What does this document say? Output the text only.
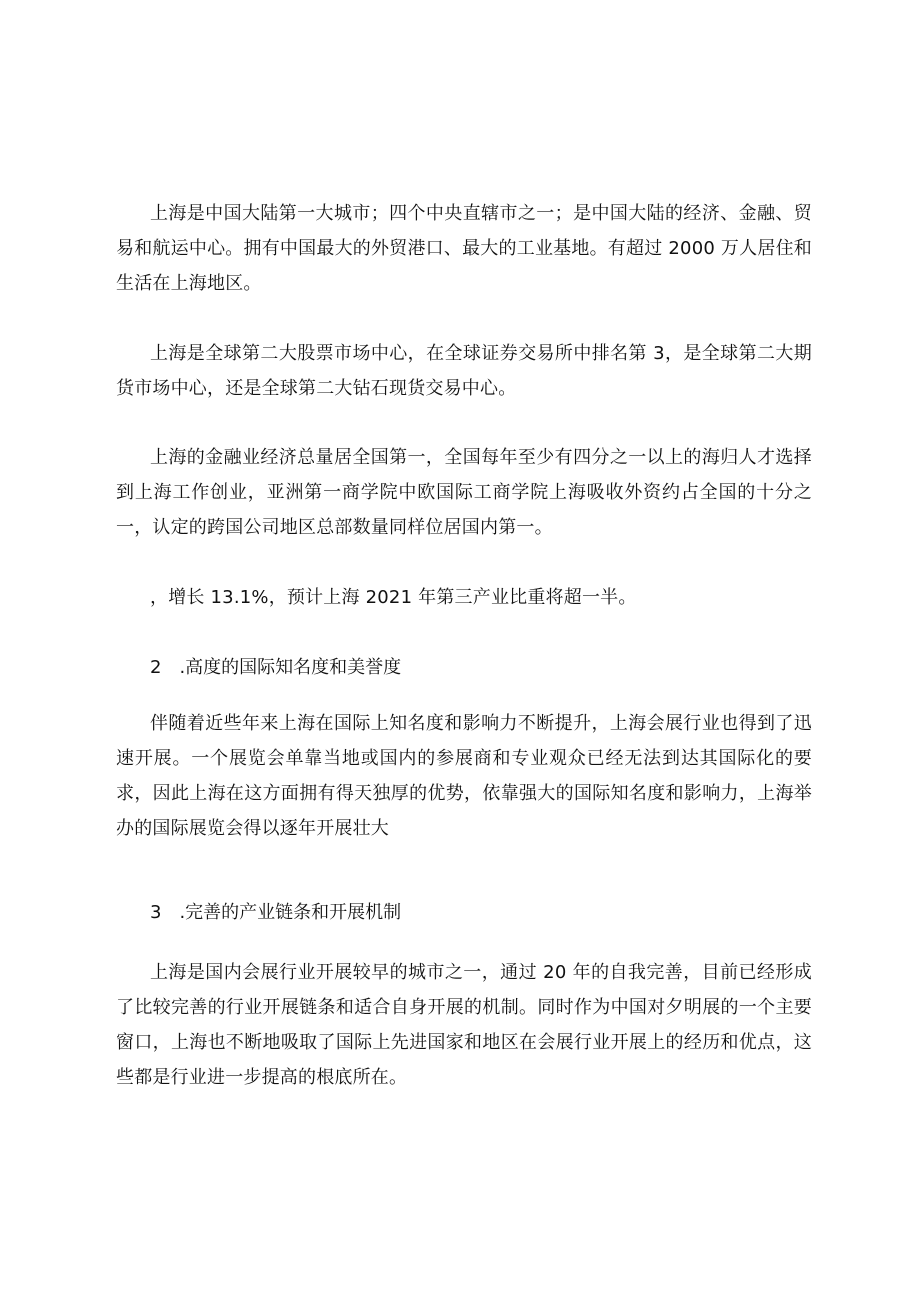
上海是中国大陆第一大城市；四个中央直辖市之一；是中国大陆的经济、金融、贸易和航运中心。拥有中国最大的外贸港口、最大的工业基地。有超过 2000 万人居住和生活在上海地区。

上海是全球第二大股票市场中心，在全球证券交易所中排名第 3，是全球第二大期货市场中心，还是全球第二大钻石现货交易中心。

上海的金融业经济总量居全国第一，全国每年至少有四分之一以上的海归人才选择到上海工作创业，亚洲第一商学院中欧国际工商学院上海吸收外资约占全国的十分之一，认定的跨国公司地区总部数量同样位居国内第一。

，增长 13.1%，预计上海 2021 年第三产业比重将超一半。

2　.高度的国际知名度和美誉度

伴随着近些年来上海在国际上知名度和影响力不断提升，上海会展行业也得到了迅速开展。一个展览会单靠当地或国内的参展商和专业观众已经无法到达其国际化的要求，因此上海在这方面拥有得天独厚的优势，依靠强大的国际知名度和影响力，上海举办的国际展览会得以逐年开展壮大

3　.完善的产业链条和开展机制

上海是国内会展行业开展较早的城市之一，通过 20 年的自我完善，目前已经形成了比较完善的行业开展链条和适合自身开展的机制。同时作为中国对夕明展的一个主要窗口，上海也不断地吸取了国际上先进国家和地区在会展行业开展上的经历和优点，这些都是行业进一步提高的根底所在。
